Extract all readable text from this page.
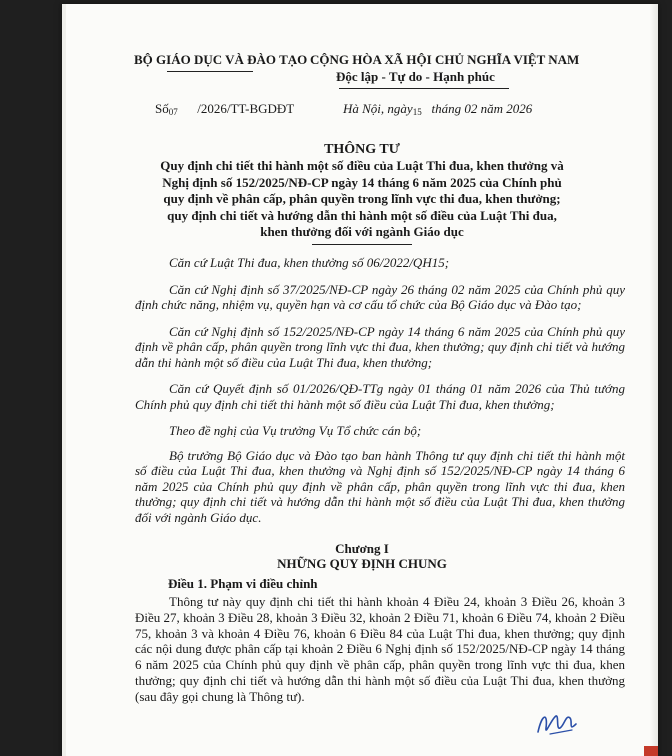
BỘ GIÁO DỤC VÀ ĐÀO TẠO CỘNG HÒA XÃ HỘI CHỦ NGHĨA VIỆT NAM
Độc lập - Tự do - Hạnh phúc
Số07 /2026/TT-BGDĐT	Hà Nội, ngày15 tháng 02 năm 2026
THÔNG TƯ
Quy định chi tiết thi hành một số điều của Luật Thi đua, khen thưởng và
Nghị định số 152/2025/NĐ-CP ngày 14 tháng 6 năm 2025 của Chính phủ
quy định về phân cấp, phân quyền trong lĩnh vực thi đua, khen thưởng;
quy định chi tiết và hướng dẫn thi hành một số điều của Luật Thi đua,
khen thưởng đối với ngành Giáo dục

Căn cứ Luật Thi đua, khen thưởng số 06/2022/QH15;

Căn cứ Nghị định số 37/2025/NĐ-CP ngày 26 tháng 02 năm 2025 của Chính phủ quy định chức năng, nhiệm vụ, quyền hạn và cơ cấu tổ chức của Bộ Giáo dục và Đào tạo;

Căn cứ Nghị định số 152/2025/NĐ-CP ngày 14 tháng 6 năm 2025 của Chính phủ quy định về phân cấp, phân quyền trong lĩnh vực thi đua, khen thưởng; quy định chi tiết và hướng dẫn thi hành một số điều của Luật Thi đua, khen thưởng;

Căn cứ Quyết định số 01/2026/QĐ-TTg ngày 01 tháng 01 năm 2026 của Thủ tướng Chính phủ quy định chi tiết thi hành một số điều của Luật Thi đua, khen thưởng;

Theo đề nghị của Vụ trưởng Vụ Tổ chức cán bộ;

Bộ trưởng Bộ Giáo dục và Đào tạo ban hành Thông tư quy định chi tiết thi hành một số điều của Luật Thi đua, khen thưởng và Nghị định số 152/2025/NĐ-CP ngày 14 tháng 6 năm 2025 của Chính phủ quy định về phân cấp, phân quyền trong lĩnh vực thi đua, khen thưởng; quy định chi tiết và hướng dẫn thi hành một số điều của Luật Thi đua, khen thưởng đối với ngành Giáo dục.

Chương I
NHỮNG QUY ĐỊNH CHUNG
Điều 1. Phạm vi điều chỉnh

Thông tư này quy định chi tiết thi hành khoản 4 Điều 24, khoản 3 Điều 26, khoản 3 Điều 27, khoản 3 Điều 28, khoản 3 Điều 32, khoản 2 Điều 71, khoản 6 Điều 74, khoản 2 Điều 75, khoản 3 và khoản 4 Điều 76, khoản 6 Điều 84 của Luật Thi đua, khen thưởng; quy định các nội dung được phân cấp tại khoản 2 Điều 6 Nghị định số 152/2025/NĐ-CP ngày 14 tháng 6 năm 2025 của Chính phủ quy định về phân cấp, phân quyền trong lĩnh vực thi đua, khen thưởng; quy định chi tiết và hướng dẫn thi hành một số điều của Luật Thi đua, khen thưởng (sau đây gọi chung là Thông tư).
